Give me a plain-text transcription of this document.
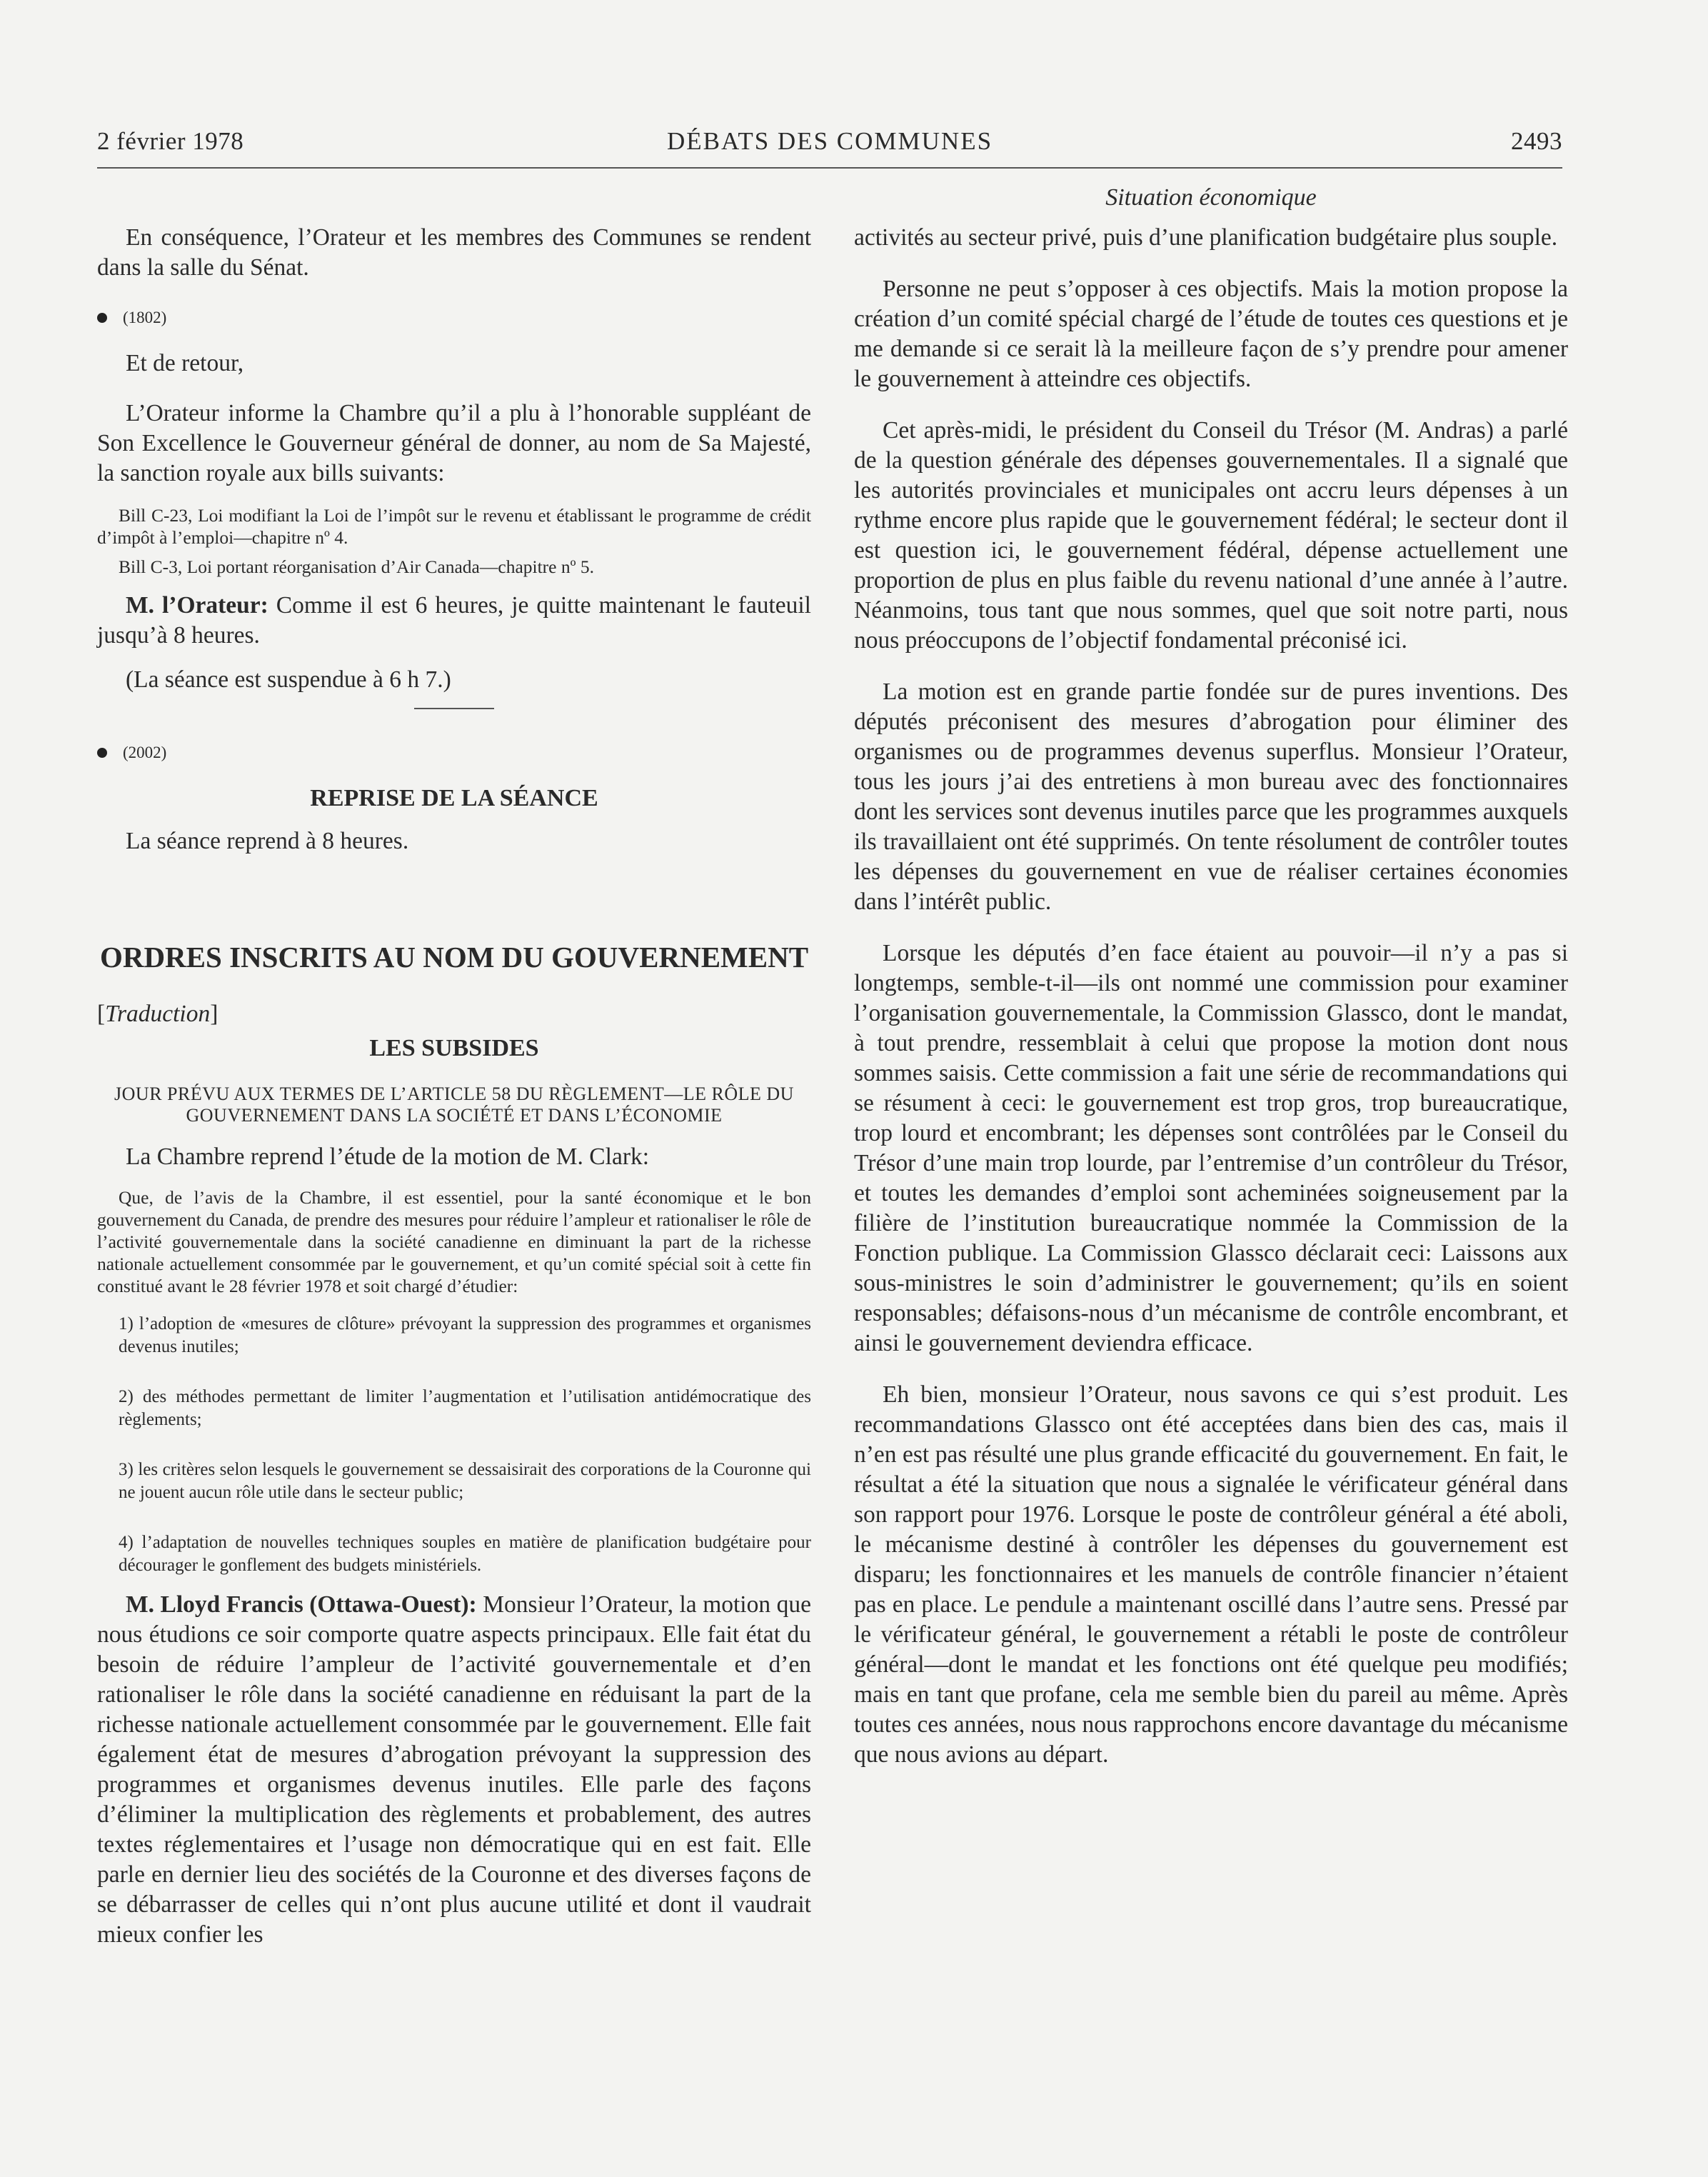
2 février 1978	DÉBATS DES COMMUNES	2493
Situation économique

En conséquence, l’Orateur et les membres des Communes se rendent dans la salle du Sénat.

(1802)

Et de retour,

L’Orateur informe la Chambre qu’il a plu à l’honorable suppléant de Son Excellence le Gouverneur général de donner, au nom de Sa Majesté, la sanction royale aux bills suivants:

Bill C-23, Loi modifiant la Loi de l’impôt sur le revenu et établissant le programme de crédit d’impôt à l’emploi—chapitre nº 4.
Bill C-3, Loi portant réorganisation d’Air Canada—chapitre nº 5.

M. l’Orateur: Comme il est 6 heures, je quitte maintenant le fauteuil jusqu’à 8 heures.

(La séance est suspendue à 6 h 7.)

(2002)
REPRISE DE LA SÉANCE

La séance reprend à 8 heures.

ORDRES INSCRITS AU NOM DU GOUVERNEMENT
[Traduction]
LES SUBSIDES
JOUR PRÉVU AUX TERMES DE L’ARTICLE 58 DU RÈGLEMENT—LE RÔLE DU GOUVERNEMENT DANS LA SOCIÉTÉ ET DANS L’ÉCONOMIE

La Chambre reprend l’étude de la motion de M. Clark:

Que, de l’avis de la Chambre, il est essentiel, pour la santé économique et le bon gouvernement du Canada, de prendre des mesures pour réduire l’ampleur et rationaliser le rôle de l’activité gouvernementale dans la société canadienne en diminuant la part de la richesse nationale actuellement consommée par le gouvernement, et qu’un comité spécial soit à cette fin constitué avant le 28 février 1978 et soit chargé d’étudier:
1) l’adoption de «mesures de clôture» prévoyant la suppression des programmes et organismes devenus inutiles;
2) des méthodes permettant de limiter l’augmentation et l’utilisation antidémocratique des règlements;
3) les critères selon lesquels le gouvernement se dessaisirait des corporations de la Couronne qui ne jouent aucun rôle utile dans le secteur public;
4) l’adaptation de nouvelles techniques souples en matière de planification budgétaire pour décourager le gonflement des budgets ministériels.

M. Lloyd Francis (Ottawa-Ouest): Monsieur l’Orateur, la motion que nous étudions ce soir comporte quatre aspects principaux. Elle fait état du besoin de réduire l’ampleur de l’activité gouvernementale et d’en rationaliser le rôle dans la société canadienne en réduisant la part de la richesse nationale actuellement consommée par le gouvernement. Elle fait également état de mesures d’abrogation prévoyant la suppression des programmes et organismes devenus inutiles. Elle parle des façons d’éliminer la multiplication des règlements et probablement, des autres textes réglementaires et l’usage non démocratique qui en est fait. Elle parle en dernier lieu des sociétés de la Couronne et des diverses façons de se débarrasser de celles qui n’ont plus aucune utilité et dont il vaudrait mieux confier les

activités au secteur privé, puis d’une planification budgétaire plus souple.

Personne ne peut s’opposer à ces objectifs. Mais la motion propose la création d’un comité spécial chargé de l’étude de toutes ces questions et je me demande si ce serait là la meilleure façon de s’y prendre pour amener le gouvernement à atteindre ces objectifs.

Cet après-midi, le président du Conseil du Trésor (M. Andras) a parlé de la question générale des dépenses gouvernementales. Il a signalé que les autorités provinciales et municipales ont accru leurs dépenses à un rythme encore plus rapide que le gouvernement fédéral; le secteur dont il est question ici, le gouvernement fédéral, dépense actuellement une proportion de plus en plus faible du revenu national d’une année à l’autre. Néanmoins, tous tant que nous sommes, quel que soit notre parti, nous nous préoccupons de l’objectif fondamental préconisé ici.

La motion est en grande partie fondée sur de pures inventions. Des députés préconisent des mesures d’abrogation pour éliminer des organismes ou de programmes devenus superflus. Monsieur l’Orateur, tous les jours j’ai des entretiens à mon bureau avec des fonctionnaires dont les services sont devenus inutiles parce que les programmes auxquels ils travaillaient ont été supprimés. On tente résolument de contrôler toutes les dépenses du gouvernement en vue de réaliser certaines économies dans l’intérêt public.

Lorsque les députés d’en face étaient au pouvoir—il n’y a pas si longtemps, semble-t-il—ils ont nommé une commission pour examiner l’organisation gouvernementale, la Commission Glassco, dont le mandat, à tout prendre, ressemblait à celui que propose la motion dont nous sommes saisis. Cette commission a fait une série de recommandations qui se résument à ceci: le gouvernement est trop gros, trop bureaucratique, trop lourd et encombrant; les dépenses sont contrôlées par le Conseil du Trésor d’une main trop lourde, par l’entremise d’un contrôleur du Trésor, et toutes les demandes d’emploi sont acheminées soigneusement par la filière de l’institution bureaucratique nommée la Commission de la Fonction publique. La Commission Glassco déclarait ceci: Laissons aux sous-ministres le soin d’administrer le gouvernement; qu’ils en soient responsables; défaisons-nous d’un mécanisme de contrôle encombrant, et ainsi le gouvernement deviendra efficace.

Eh bien, monsieur l’Orateur, nous savons ce qui s’est produit. Les recommandations Glassco ont été acceptées dans bien des cas, mais il n’en est pas résulté une plus grande efficacité du gouvernement. En fait, le résultat a été la situation que nous a signalée le vérificateur général dans son rapport pour 1976. Lorsque le poste de contrôleur général a été aboli, le mécanisme destiné à contrôler les dépenses du gouvernement est disparu; les fonctionnaires et les manuels de contrôle financier n’étaient pas en place. Le pendule a maintenant oscillé dans l’autre sens. Pressé par le vérificateur général, le gouvernement a rétabli le poste de contrôleur général—dont le mandat et les fonctions ont été quelque peu modifiés; mais en tant que profane, cela me semble bien du pareil au même. Après toutes ces années, nous nous rapprochons encore davantage du mécanisme que nous avions au départ.
